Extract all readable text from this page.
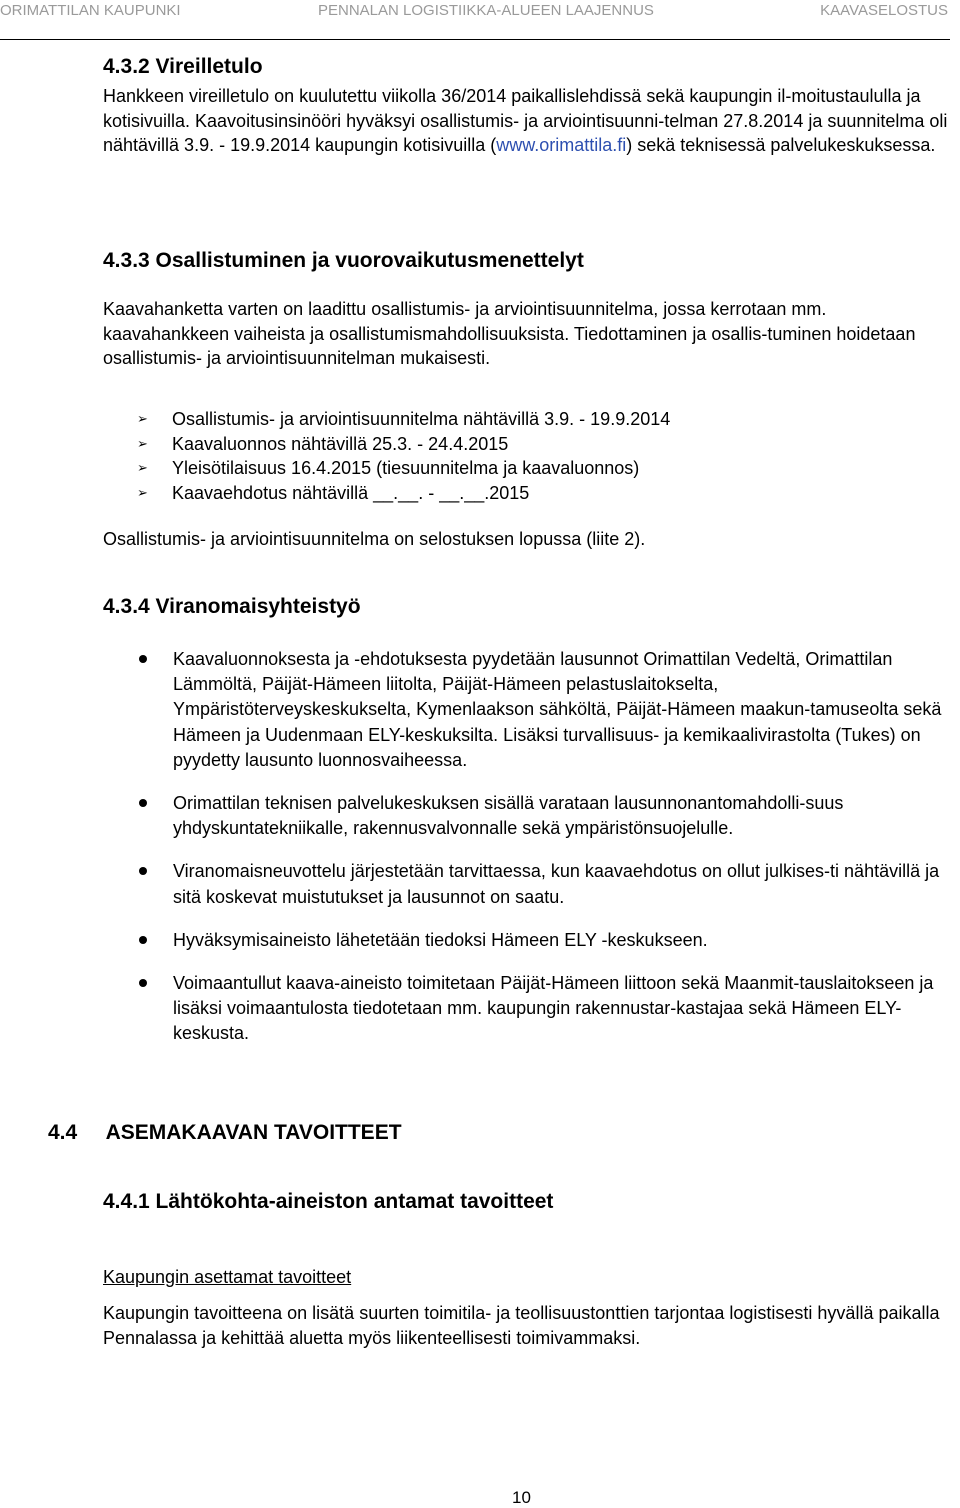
ORIMATTILAN KAUPUNKI	PENNALAN LOGISTIIKKA-ALUEEN LAAJENNUS	KAAVASELOSTUS
4.3.2 Vireilletulo
Hankkeen vireilletulo on kuulutettu viikolla 36/2014 paikallislehdissä sekä kaupungin il-moitustaululla ja kotisivuilla. Kaavoitusinsinööri hyväksyi osallistumis- ja arviointisuunni-telman 27.8.2014 ja suunnitelma oli nähtävillä 3.9. - 19.9.2014 kaupungin kotisivuilla (www.orimattila.fi) sekä teknisessä palvelukeskuksessa.
4.3.3 Osallistuminen ja vuorovaikutusmenettelyt
Kaavahanketta varten on laadittu osallistumis- ja arviointisuunnitelma, jossa kerrotaan mm. kaavahankkeen vaiheista ja osallistumismahdollisuuksista. Tiedottaminen ja osallis-tuminen hoidetaan osallistumis- ja arviointisuunnitelman mukaisesti.
➢ Osallistumis- ja arviointisuunnitelma nähtävillä 3.9. - 19.9.2014
➢ Kaavaluonnos nähtävillä 25.3. - 24.4.2015
➢ Yleisötilaisuus 16.4.2015 (tiesuunnitelma ja kaavaluonnos)
➢ Kaavaehdotus nähtävillä __.__. - __.__.2015
Osallistumis- ja arviointisuunnitelma on selostuksen lopussa (liite 2).
4.3.4 Viranomaisyhteistyö
Kaavaluonnoksesta ja -ehdotuksesta pyydetään lausunnot Orimattilan Vedeltä, Orimattilan Lämmöltä, Päijät-Hämeen liitolta, Päijät-Hämeen pelastuslaitokselta, Ympäristöterveyskeskukselta, Kymenlaakson sähköltä, Päijät-Hämeen maakun-tamuseolta sekä Hämeen ja Uudenmaan ELY-keskuksilta. Lisäksi turvallisuus- ja kemikaalivirastolta (Tukes) on pyydetty lausunto luonnosvaiheessa.
Orimattilan teknisen palvelukeskuksen sisällä varataan lausunnonantomahdolli-suus yhdyskuntatekniikalle, rakennusvalvonnalle sekä ympäristönsuojelulle.
Viranomaisneuvottelu järjestetään tarvittaessa, kun kaavaehdotus on ollut julkises-ti nähtävillä ja sitä koskevat muistutukset ja lausunnot on saatu.
Hyväksymisaineisto lähetetään tiedoksi Hämeen ELY -keskukseen.
Voimaantullut kaava-aineisto toimitetaan Päijät-Hämeen liittoon sekä Maanmit-tauslaitokseen ja lisäksi voimaantulosta tiedotetaan mm. kaupungin rakennustar-kastajaa sekä Hämeen ELY-keskusta.
4.4     ASEMAKAAVAN TAVOITTEET
4.4.1 Lähtökohta-aineiston antamat tavoitteet
Kaupungin asettamat tavoitteet
Kaupungin tavoitteena on lisätä suurten toimitila- ja teollisuustonttien tarjontaa logistisesti hyvällä paikalla Pennalassa ja kehittää aluetta myös liikenteellisesti toimivammaksi.
10
